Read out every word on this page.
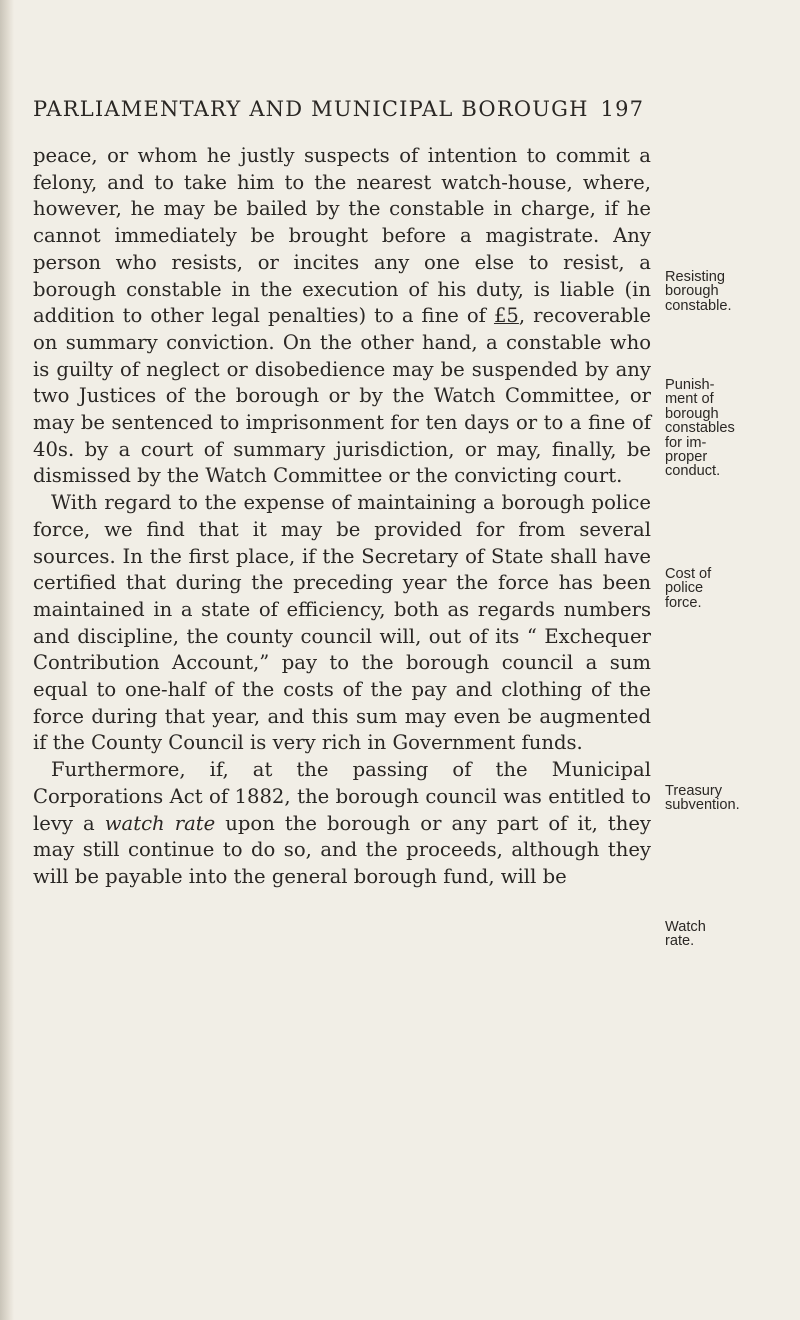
PARLIAMENTARY AND MUNICIPAL BOROUGH 197

peace, or whom he justly suspects of intention to commit a felony, and to take him to the nearest watch-house, where, however, he may be bailed by the constable in charge, if he cannot immediately be brought before a magistrate. Any person who resists, or incites any one else to resist, a borough constable in the execution of his duty, is liable (in addition to other legal penalties) to a fine of £5, recoverable on summary conviction. On the other hand, a constable who is guilty of neglect or disobedience may be suspended by any two Justices of the borough or by the Watch Committee, or may be sentenced to imprisonment for ten days or to a fine of 40s. by a court of summary jurisdiction, or may, finally, be dismissed by the Watch Committee or the convicting court.

With regard to the expense of maintaining a borough police force, we find that it may be provided for from several sources. In the first place, if the Secretary of State shall have certified that during the preceding year the force has been maintained in a state of efficiency, both as regards numbers and discipline, the county council will, out of its “ Exchequer Contribution Account,” pay to the borough council a sum equal to one-half of the costs of the pay and clothing of the force during that year, and this sum may even be augmented if the County Council is very rich in Government funds.

Furthermore, if, at the passing of the Municipal Corporations Act of 1882, the borough council was entitled to levy a watch rate upon the borough or any part of it, they may still continue to do so, and the proceeds, although they will be payable into the general borough fund, will be

Resisting
borough
constable.
Punish-
ment of
borough
constables
for im-
proper
conduct.
Cost of
police
force.
Treasury
subvention.
Watch
rate.
